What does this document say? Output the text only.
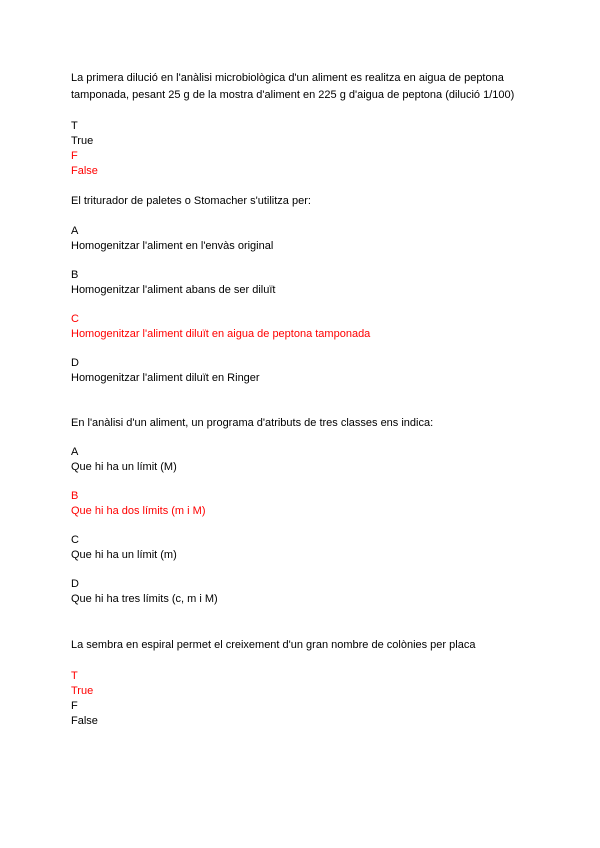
La primera dilució en l'anàlisi microbiològica d'un aliment es realitza en aigua de peptona tamponada, pesant 25 g de la mostra d'aliment en 225 g d'aigua de peptona (dilució 1/100)

T
True
F
False

El triturador de paletes o Stomacher s'utilitza per:

A
Homogenitzar l'aliment en l'envàs original
B
Homogenitzar l'aliment abans de ser diluït
C
Homogenitzar l'aliment diluït en aigua de peptona tamponada
D
Homogenitzar l'aliment diluït en Ringer

En l'anàlisi d'un aliment, un programa d'atributs de tres classes ens indica:

A
Que hi ha un límit (M)
B
Que hi ha dos límits (m i M)
C
Que hi ha un límit (m)
D
Que hi ha tres límits (c, m i M)

La sembra en espiral permet el creixement d'un gran nombre de colònies per placa

T
True
F
False
